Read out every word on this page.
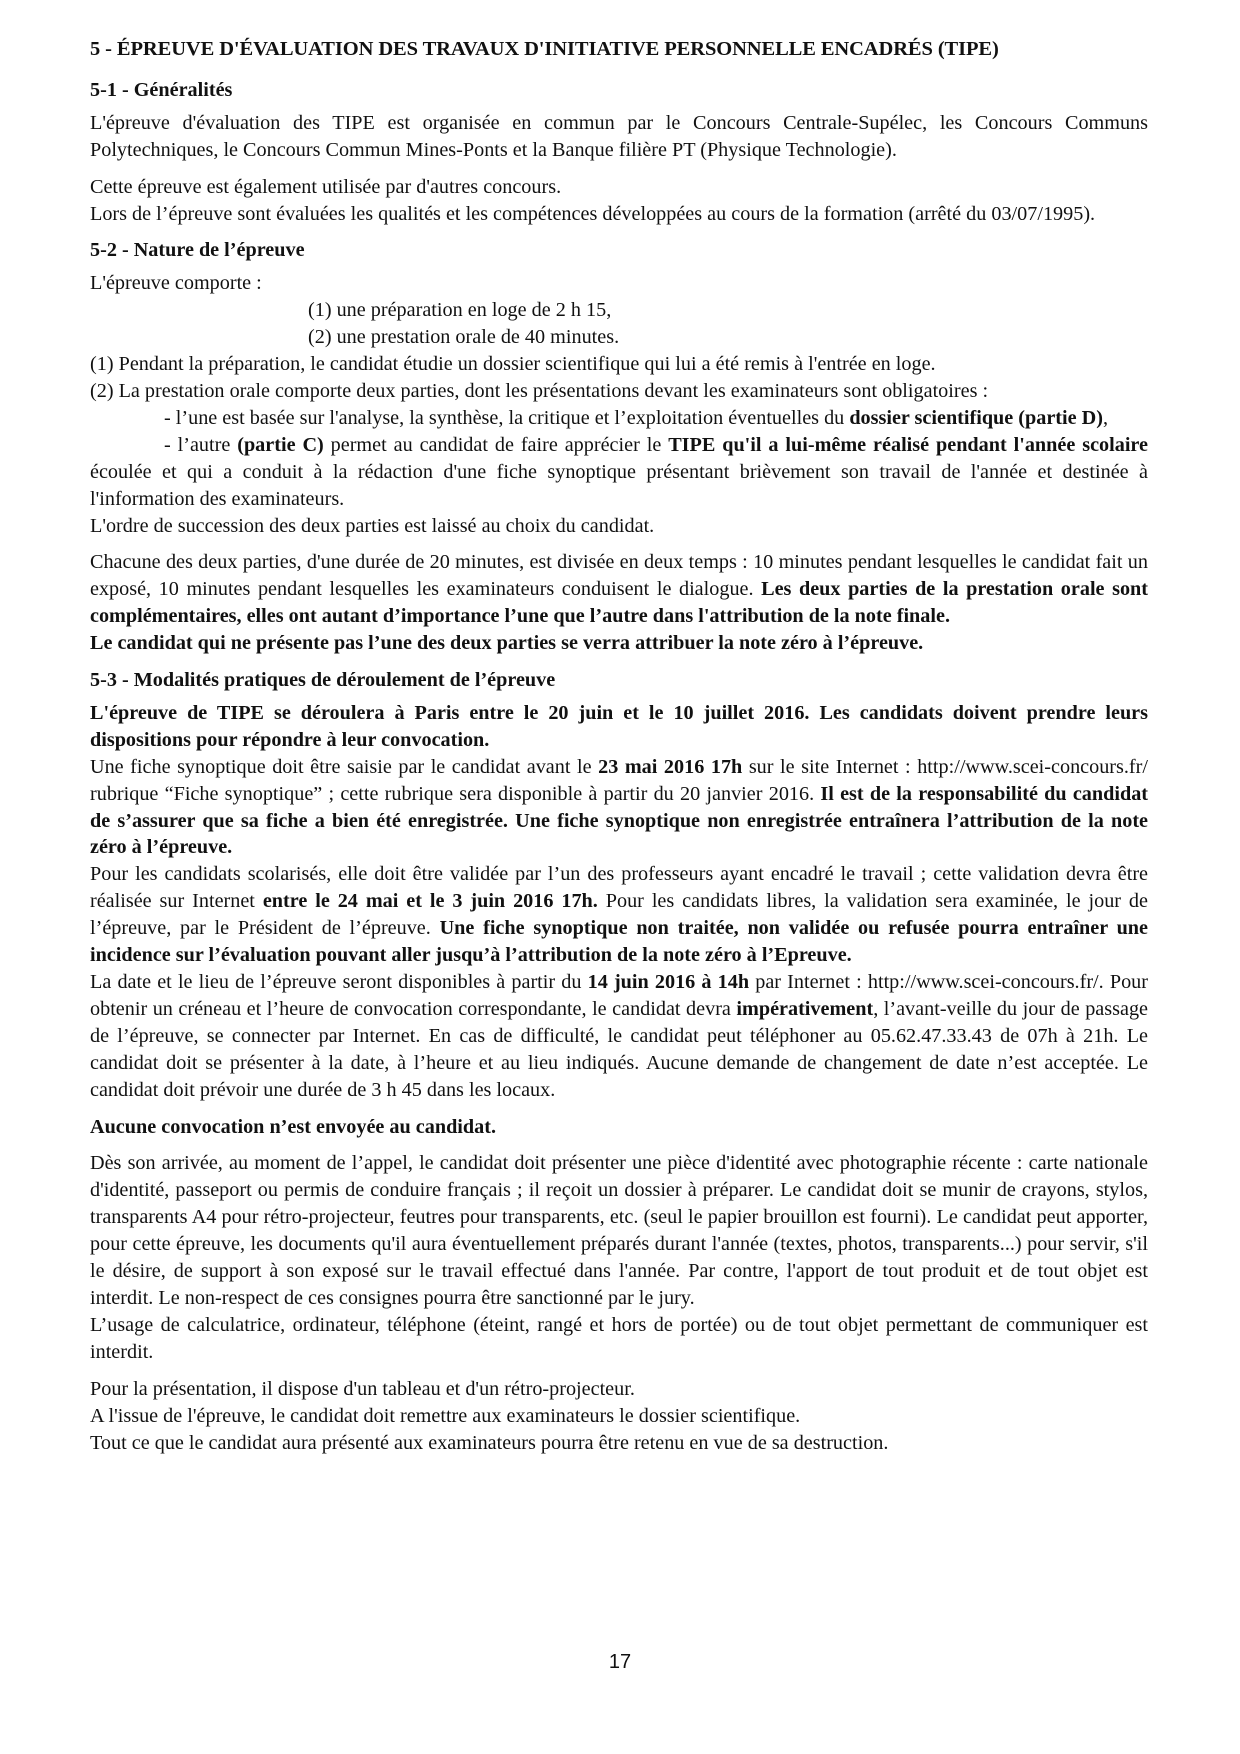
5 - ÉPREUVE D'ÉVALUATION DES TRAVAUX D'INITIATIVE PERSONNELLE ENCADRÉS (TIPE)

5-1 - Généralités

L'épreuve d'évaluation des TIPE est organisée en commun par le Concours Centrale-Supélec, les Concours Communs Polytechniques, le Concours Commun Mines-Ponts et la Banque filière PT (Physique Technologie).

Cette épreuve est également utilisée par d'autres concours.

Lors de l’épreuve sont évaluées les qualités et les compétences développées au cours de la formation (arrêté du 03/07/1995).

5-2 - Nature de l’épreuve

L'épreuve comporte :

(1) une préparation en loge de 2 h 15,

(2) une prestation orale de 40 minutes.

(1) Pendant la préparation, le candidat étudie un dossier scientifique qui lui a été remis à l'entrée en loge.

(2) La prestation orale comporte deux parties, dont les présentations devant les examinateurs sont obligatoires :

- l’une est basée sur l'analyse, la synthèse, la critique et l’exploitation éventuelles du dossier scientifique (partie D),

- l’autre (partie C) permet au candidat de faire apprécier le TIPE qu'il a lui-même réalisé pendant l'année scolaire écoulée et qui a conduit à la rédaction d'une fiche synoptique présentant brièvement son travail de l'année et destinée à l'information des examinateurs.

L'ordre de succession des deux parties est laissé au choix du candidat.

Chacune des deux parties, d'une durée de 20 minutes, est divisée en deux temps : 10 minutes pendant lesquelles le candidat fait un exposé, 10 minutes pendant lesquelles les examinateurs conduisent le dialogue. Les deux parties de la prestation orale sont complémentaires, elles ont autant d’importance l’une que l’autre dans l'attribution de la note finale.

Le candidat qui ne présente pas l’une des deux parties se verra attribuer la note zéro à l’épreuve.

5-3 - Modalités pratiques de déroulement de l’épreuve

L'épreuve de TIPE se déroulera à Paris entre le 20 juin et le 10 juillet 2016. Les candidats doivent prendre leurs dispositions pour répondre à leur convocation.

Une fiche synoptique doit être saisie par le candidat avant le 23 mai 2016 17h sur le site Internet : http://www.scei-concours.fr/ rubrique “Fiche synoptique” ; cette rubrique sera disponible à partir du 20 janvier 2016. Il est de la responsabilité du candidat de s’assurer que sa fiche a bien été enregistrée. Une fiche synoptique non enregistrée entraînera l’attribution de la note zéro à l’épreuve.

Pour les candidats scolarisés, elle doit être validée par l’un des professeurs ayant encadré le travail ; cette validation devra être réalisée sur Internet entre le 24 mai et le 3 juin 2016 17h. Pour les candidats libres, la validation sera examinée, le jour de l’épreuve, par le Président de l’épreuve. Une fiche synoptique non traitée, non validée ou refusée pourra entraîner une incidence sur l’évaluation pouvant aller jusqu’à l’attribution de la note zéro à l’Epreuve.

La date et le lieu de l’épreuve seront disponibles à partir du 14 juin 2016 à 14h par Internet : http://www.scei-concours.fr/. Pour obtenir un créneau et l’heure de convocation correspondante, le candidat devra impérativement, l’avant-veille du jour de passage de l’épreuve, se connecter par Internet. En cas de difficulté, le candidat peut téléphoner au 05.62.47.33.43 de 07h à 21h. Le candidat doit se présenter à la date, à l’heure et au lieu indiqués. Aucune demande de changement de date n’est acceptée. Le candidat doit prévoir une durée de 3 h 45 dans les locaux.

Aucune convocation n’est envoyée au candidat.

Dès son arrivée, au moment de l’appel, le candidat doit présenter une pièce d'identité avec photographie récente : carte nationale d'identité, passeport ou permis de conduire français ; il reçoit un dossier à préparer. Le candidat doit se munir de crayons, stylos, transparents A4 pour rétro-projecteur, feutres pour transparents, etc. (seul le papier brouillon est fourni). Le candidat peut apporter, pour cette épreuve, les documents qu'il aura éventuellement préparés durant l'année (textes, photos, transparents...) pour servir, s'il le désire, de support à son exposé sur le travail effectué dans l'année. Par contre, l'apport de tout produit et de tout objet est interdit. Le non-respect de ces consignes pourra être sanctionné par le jury.

L’usage de calculatrice, ordinateur, téléphone (éteint, rangé et hors de portée) ou de tout objet permettant de communiquer est interdit.

Pour la présentation, il dispose d'un tableau et d'un rétro-projecteur.

A l'issue de l'épreuve, le candidat doit remettre aux examinateurs le dossier scientifique.

Tout ce que le candidat aura présenté aux examinateurs pourra être retenu en vue de sa destruction.

17
